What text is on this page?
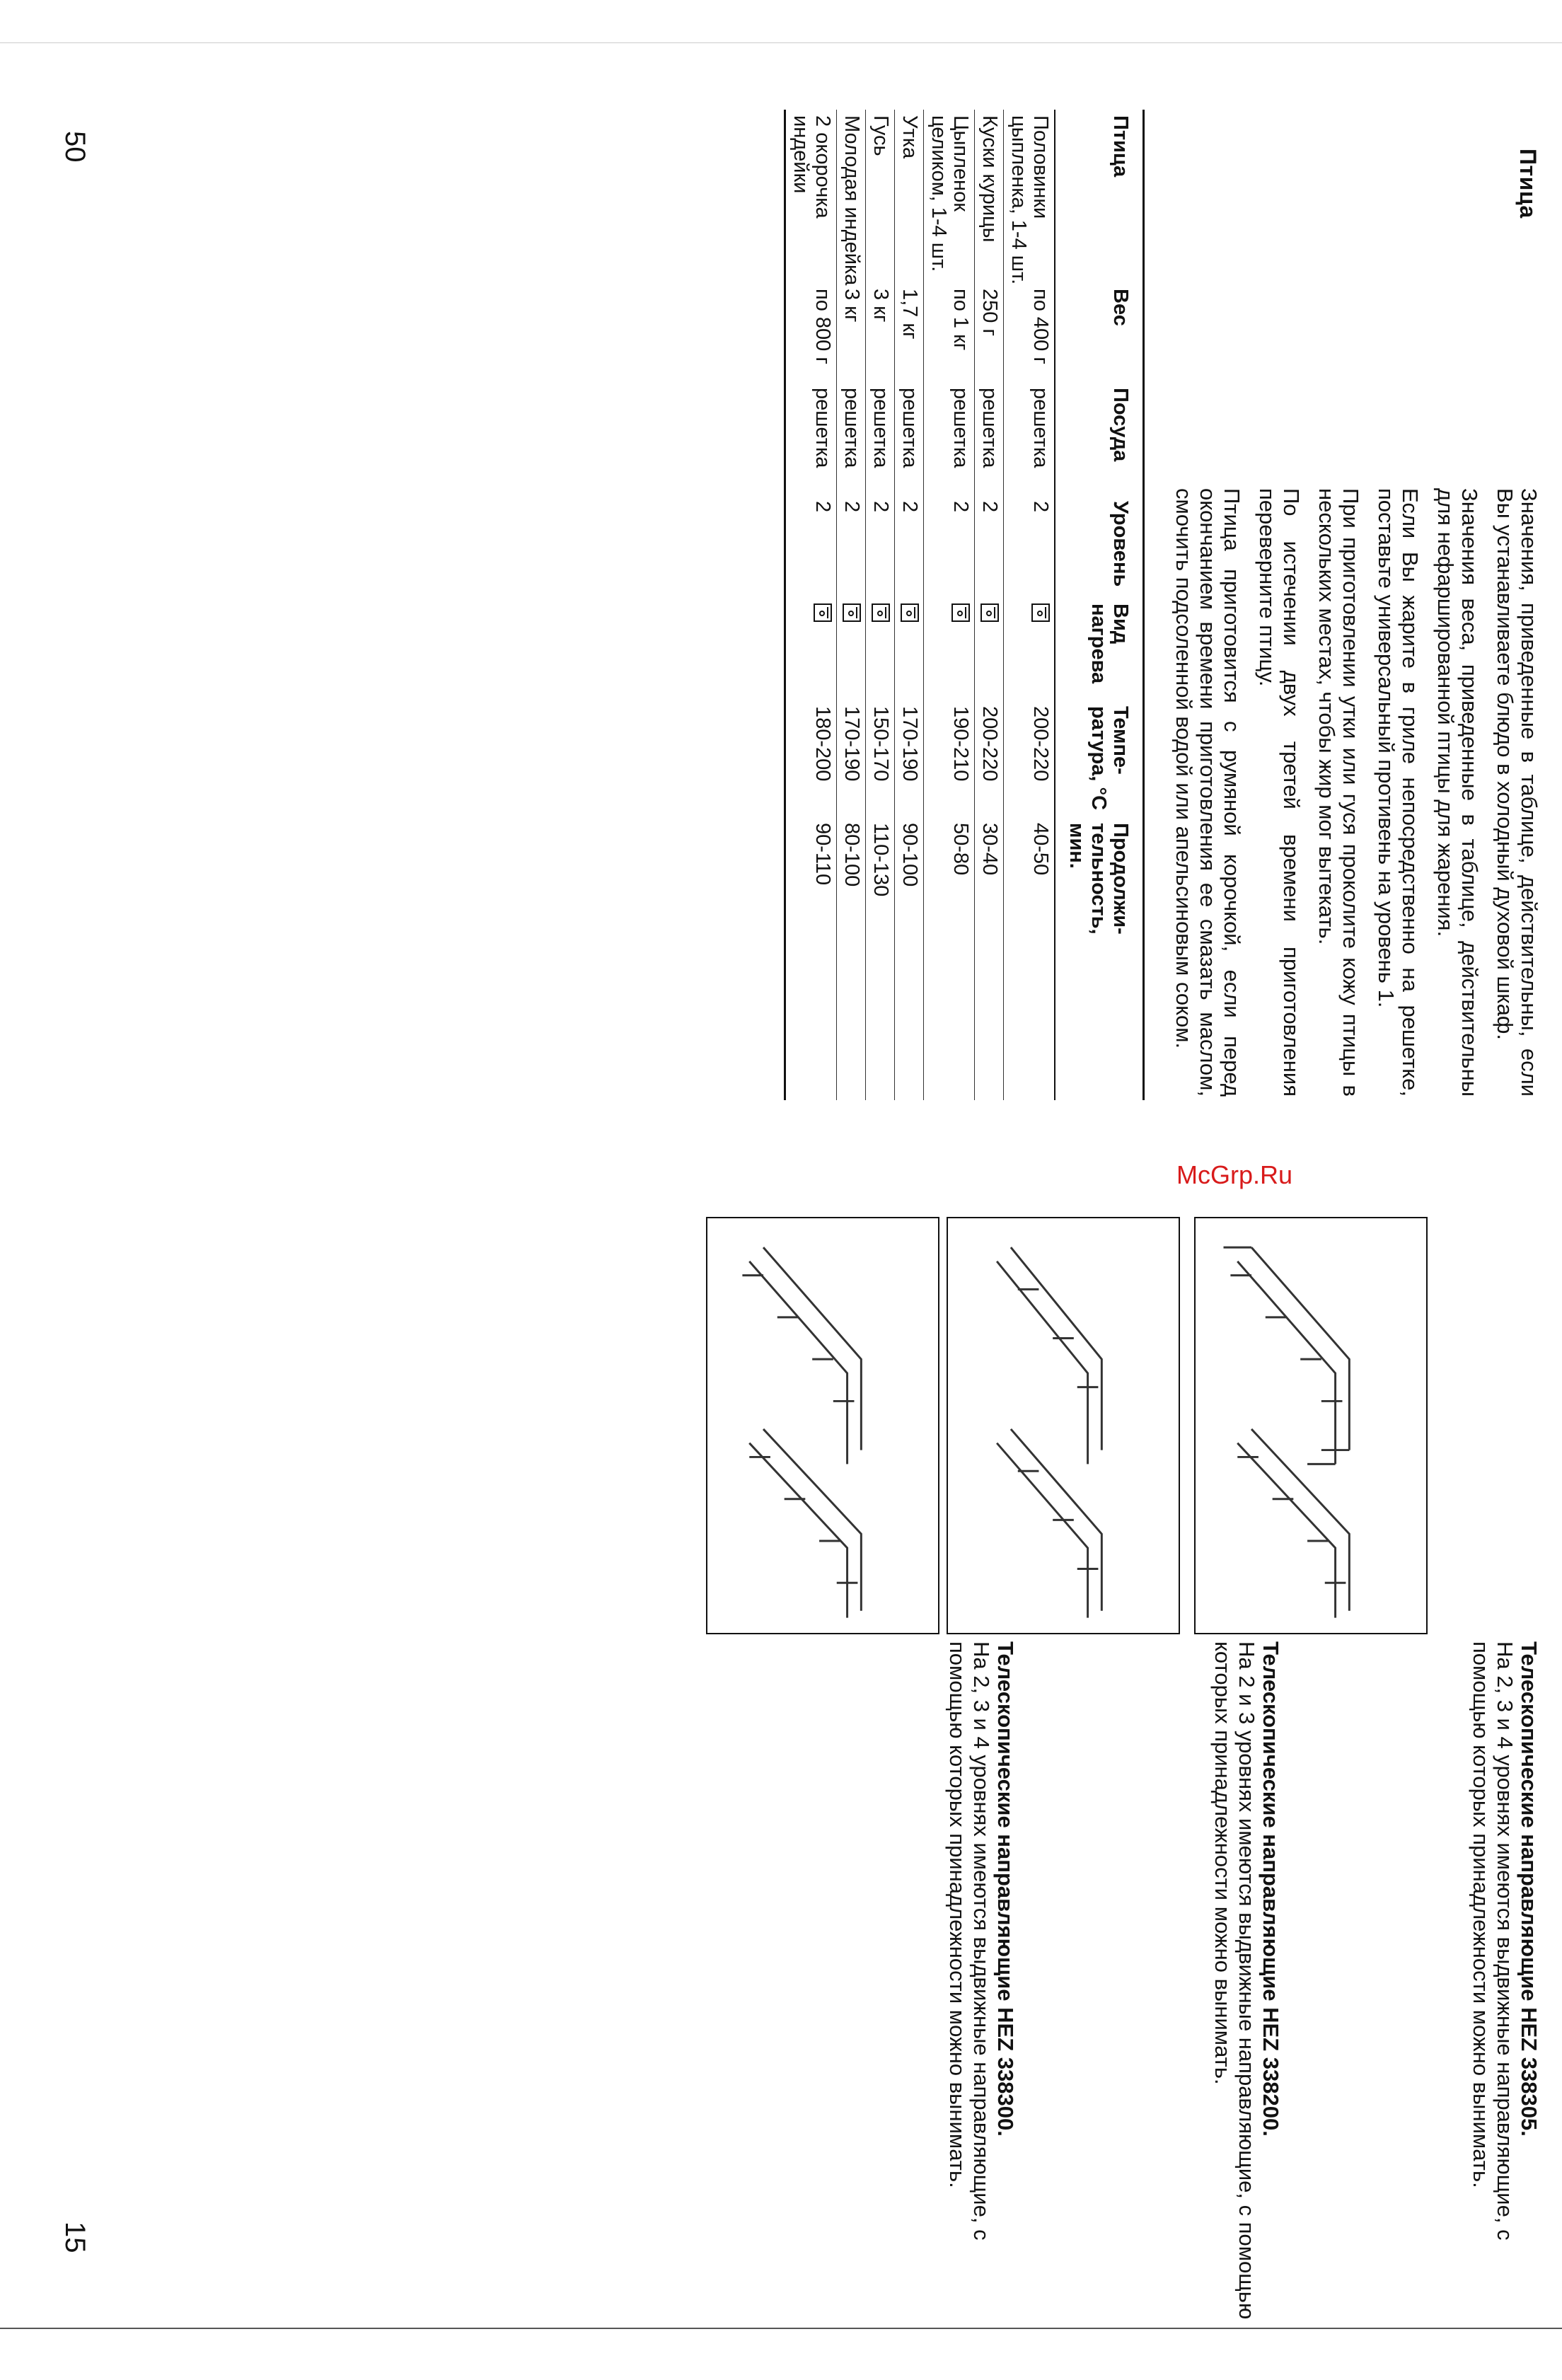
50
15
Птица

Значения, приведенные в таблице, действительны, если Вы устанавливаете блюдо в холодный духовой шкаф.

Значения веса, приведенные в таблице, действительны для нефаршированной птицы для жарения.

Если Вы жарите в гриле непосредственно на решетке, поставьте универсальный противень на уровень 1.

При приготовлении утки или гуся проколите кожу птицы в нескольких местах, чтобы жир мог вытекать.

По истечении двух третей времени приготовления переверните птицу.

Птица приготовится с румяной корочкой, если перед окончанием времени приготовления ее смазать маслом, смочить подсоленной водой или апельсиновым соком.

Птица
Вес
Посуда
Уровень
Вид нагрева
Темпе-ратура, °С
Продолжи-тельность, мин.
Половинки цыпленка, 1-4 шт.
по 400 г
решетка
2
200-220
40-50
Куски курицы
250 г
решетка
2
200-220
30-40
Цыпленок целиком, 1-4 шт.
по 1 кг
решетка
2
190-210
50-80
Утка
1,7 кг
решетка
2
170-190
90-100
Гусь
3 кг
решетка
2
150-170
110-130
Молодая индейка
3 кг
решетка
2
170-190
80-100
2 окорочка индейки
по 800 г
решетка
2
180-200
90-110
McGrp.Ru
Телескопические направляющие HEZ 338305.
На 2, 3 и 4 уровнях имеются выдвижные направляющие, с помощью которых принадлежности можно вынимать.
Телескопические направляющие HEZ 338200.
На 2 и 3 уровнях имеются выдвижные направляющие, с помощью которых принадлежности можно вынимать.
Телескопические направляющие HEZ 338300.
На 2, 3 и 4 уровнях имеются выдвижные направляющие, с помощью которых принадлежности можно вынимать.
